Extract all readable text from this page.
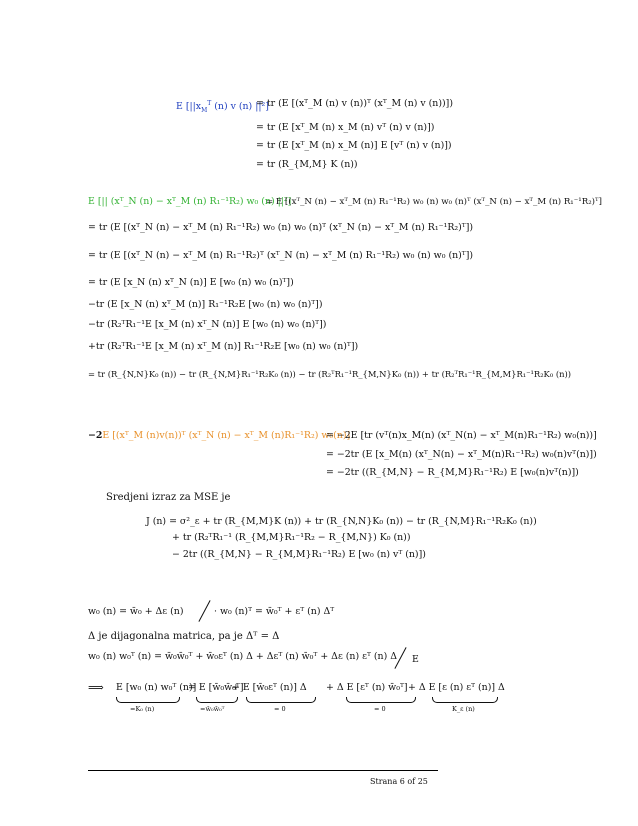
E [$||x_M^T$ (n) v (n) ||²]
= tr (E [(xᵀ_M (n) v (n))ᵀ (xᵀ_M (n) v (n))])
= tr (E [xᵀ_M (n) x_M (n) vᵀ (n) v (n)])
= tr (E [xᵀ_M (n) x_M (n)] E [vᵀ (n) v (n)])
= tr (R_{M,M} K (n))
E [|| (xᵀ_N (n) − xᵀ_M (n) R₁⁻¹R₂) w₀ (n) ||²]
= E [(xᵀ_N (n) − xᵀ_M (n) R₁⁻¹R₂) w₀ (n) w₀ (n)ᵀ (xᵀ_N (n) − xᵀ_M (n) R₁⁻¹R₂)ᵀ]
= tr (E [(xᵀ_N (n) − xᵀ_M (n) R₁⁻¹R₂) w₀ (n) w₀ (n)ᵀ (xᵀ_N (n) − xᵀ_M (n) R₁⁻¹R₂)ᵀ])
= tr (E [(xᵀ_N (n) − xᵀ_M (n) R₁⁻¹R₂)ᵀ (xᵀ_N (n) − xᵀ_M (n) R₁⁻¹R₂) w₀ (n) w₀ (n)ᵀ])
= tr (E [x_N (n) xᵀ_N (n)] E [w₀ (n) w₀ (n)ᵀ])
−tr (E [x_N (n) xᵀ_M (n)] R₁⁻¹R₂E [w₀ (n) w₀ (n)ᵀ])
−tr (R₂ᵀR₁⁻¹E [x_M (n) xᵀ_N (n)] E [w₀ (n) w₀ (n)ᵀ])
+tr (R₂ᵀR₁⁻¹E [x_M (n) xᵀ_M (n)] R₁⁻¹R₂E [w₀ (n) w₀ (n)ᵀ])
= tr (R_{N,N}K₀ (n)) − tr (R_{N,M}R₁⁻¹R₂K₀ (n)) − tr (R₂ᵀR₁⁻¹R_{M,N}K₀ (n)) + tr (R₂ᵀR₁⁻¹R_{M,M}R₁⁻¹R₂K₀ (n))
−2E [(xᵀ_M (n)v(n))ᵀ (xᵀ_N (n) − xᵀ_M (n)R₁⁻¹R₂) w₀(n)]
= −2E [tr (vᵀ(n)x_M(n) (xᵀ_N(n) − xᵀ_M(n)R₁⁻¹R₂) w₀(n))]
= −2tr (E [x_M(n) (xᵀ_N(n) − xᵀ_M(n)R₁⁻¹R₂) w₀(n)vᵀ(n)])
= −2tr ((R_{M,N} − R_{M,M}R₁⁻¹R₂) E [w₀(n)vᵀ(n)])
Sredjeni izraz za MSE je
J (n) = σ²_ε + tr (R_{M,M}K (n)) + tr (R_{N,N}K₀ (n)) − tr (R_{N,M}R₁⁻¹R₂K₀ (n))
+ tr (R₂ᵀR₁⁻¹ (R_{M,M}R₁⁻¹R₂ − R_{M,N}) K₀ (n))
− 2tr ((R_{M,N} − R_{M,M}R₁⁻¹R₂) E [w₀ (n) vᵀ (n)])
w₀ (n) = w̄₀ + Δε (n)	· w₀ (n)ᵀ = w̄₀ᵀ + εᵀ (n) Δᵀ
Δ je dijagonalna matrica, pa je Δᵀ = Δ
w₀ (n) w₀ᵀ (n) = w̄₀w̄₀ᵀ + w̄₀εᵀ (n) Δ + Δεᵀ (n) w̄₀ᵀ + Δε (n) εᵀ (n) Δ E
⟹ E [w₀ (n) w₀ᵀ (n)]
= E [w̄₀w̄₀ᵀ]
+ E [w̄₀εᵀ (n)] Δ + Δ E [εᵀ (n) w̄₀ᵀ] + Δ E [ε (n) εᵀ (n)] Δ
=K₀ (n)	=w̄₀w̄₀ᵀ	= 0	= 0	K_ε (n)
Strana 6 of 25
